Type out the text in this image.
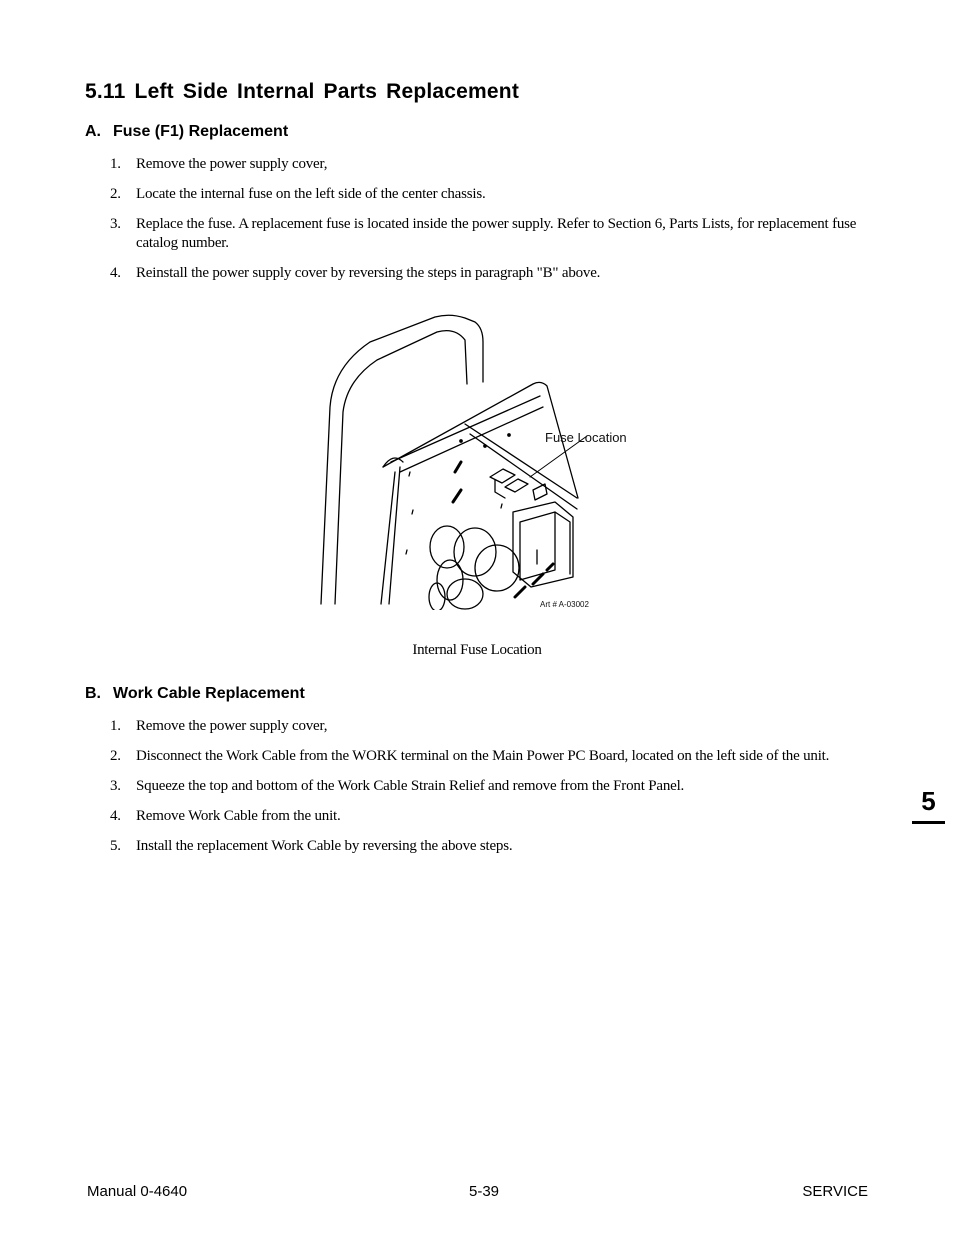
5.11 Left Side Internal Parts Replacement
A. Fuse (F1) Replacement
1. Remove the power supply cover,
2. Locate the internal fuse on the left side of the center chassis.
3. Replace the fuse. A replacement fuse is located inside the power supply. Refer to Section 6, Parts Lists, for replacement fuse catalog number.
4. Reinstall the power supply cover by reversing the steps in paragraph "B" above.
Fuse Location
Art # A-03002
Internal Fuse Location
B. Work Cable Replacement
1. Remove the power supply cover,
2. Disconnect the Work Cable from the WORK terminal on the Main Power PC Board, located on the left side of the unit.
3. Squeeze the top and bottom of the Work Cable Strain Relief and remove from the Front Panel.
4. Remove Work Cable from the unit.
5. Install the replacement Work Cable by reversing the above steps.
5
Manual 0-4640	5-39	SERVICE
